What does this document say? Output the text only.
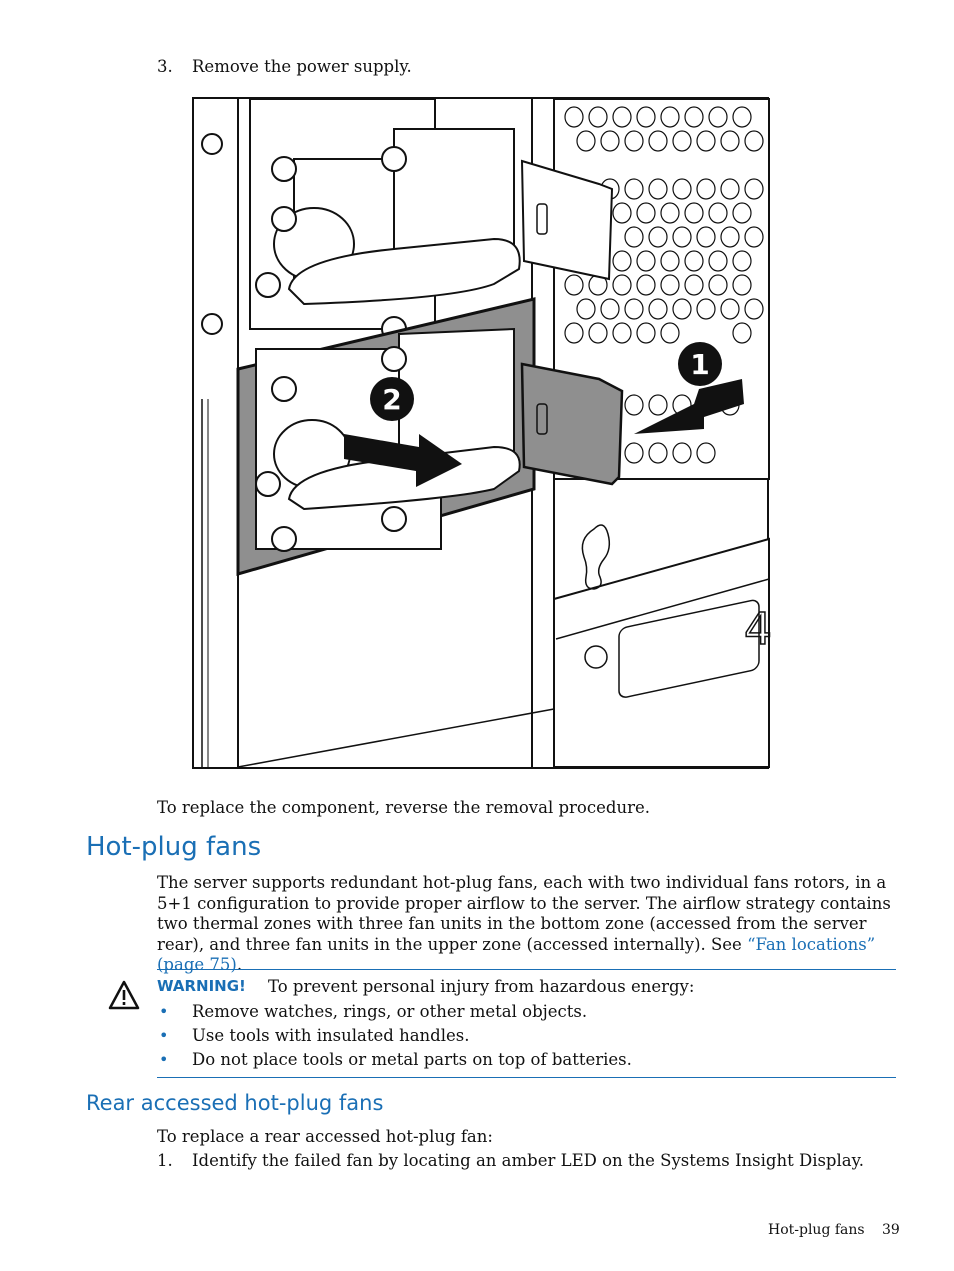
3. Remove the power supply.
4
1
2
To replace the component, reverse the removal procedure.
Hot-plug fans
The server supports redundant hot-plug fans, each with two individual fans rotors, in a 5+1 configuration to provide proper airflow to the server. The airflow strategy contains two thermal zones with three fan units in the bottom zone (accessed from the server rear), and three fan units in the upper zone (accessed internally). See “Fan locations” (page 75).
WARNING! To prevent personal injury from hazardous energy:
• Remove watches, rings, or other metal objects.
• Use tools with insulated handles.
• Do not place tools or metal parts on top of batteries.
Rear accessed hot-plug fans
To replace a rear accessed hot-plug fan:
1. Identify the failed fan by locating an amber LED on the Systems Insight Display.
Hot-plug fans 39
